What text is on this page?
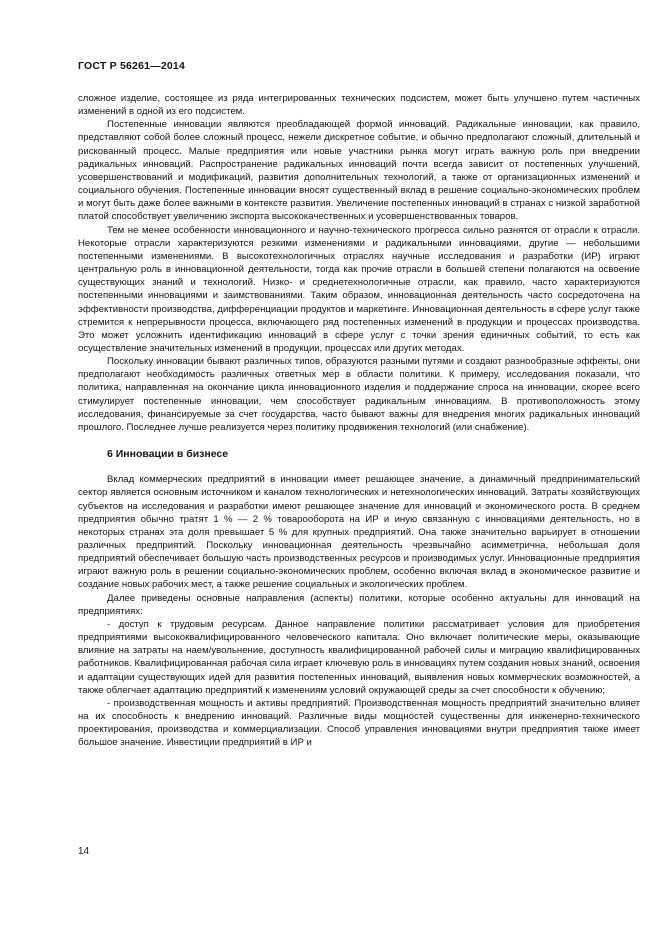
ГОСТ Р 56261—2014

сложное изделие, состоящее из ряда интегрированных технических подсистем, может быть улучшено путем частичных изменений в одной из его подсистем.

Постепенные инновации являются преобладающей формой инноваций. Радикальные инновации, как правило, представляют собой более сложный процесс, нежели дискретное событие, и обычно предполагают сложный, длительный и рискованный процесс. Малые предприятия или новые участники рынка могут играть важную роль при внедрении радикальных инноваций. Распространение радикальных инноваций почти всегда зависит от постепенных улучшений, усовершенствований и модификаций, развития дополнительных технологий, а также от организационных изменений и социального обучения. Постепенные инновации вносят существенный вклад в решение социально-экономических проблем и могут быть даже более важными в контексте развития. Увеличение постепенных инноваций в странах с низкой заработной платой способствует увеличению экспорта высококачественных и усовершенствованных товаров.

Тем не менее особенности инновационного и научно-технического прогресса сильно разнятся от отрасли к отрасли. Некоторые отрасли характеризуются резкими изменениями и радикальными инновациями, другие — небольшими постепенными изменениями. В высокотехнологичных отраслях научные исследования и разработки (ИР) играют центральную роль в инновационной деятельности, тогда как прочие отрасли в большей степени полагаются на освоение существующих знаний и технологий. Низко- и среднетехнологичные отрасли, как правило, часто характеризуются постепенными инновациями и заимствованиями. Таким образом, инновационная деятельность часто сосредоточена на эффективности производства, дифференциации продуктов и маркетинге. Инновационная деятельность в сфере услуг также стремится к непрерывности процесса, включающего ряд постепенных изменений в продукции и процессах производства. Это может усложнить идентификацию инноваций в сфере услуг с точки зрения единичных событий, то есть как осуществление значительных изменений в продукции, процессах или других методах.

Поскольку инновации бывают различных типов, образуются разными путями и создают разнообразные эффекты, они предполагают необходимость различных ответных мер в области политики. К примеру, исследования показали, что политика, направленная на окончание цикла инновационного изделия и поддержание спроса на инновации, скорее всего стимулирует постепенные инновации, чем способствует радикальным инновациям. В противоположность этому исследования, финансируемые за счет государства, часто бывают важны для внедрения многих радикальных инноваций прошлого. Последнее лучше реализуется через политику продвижения технологий (или снабжение).

6 Инновации в бизнесе

Вклад коммерческих предприятий в инновации имеет решающее значение, а динамичный предпринимательский сектор является основным источником и каналом технологических и нетехнологических инноваций. Затраты хозяйствующих субъектов на исследования и разработки имеют решающее значение для инноваций и экономического роста. В среднем предприятия обычно тратят 1 % — 2 % товарооборота на ИР и иную связанную с инновациями деятельность, но в некоторых странах эта доля превышает 5 % для крупных предприятий. Она также значительно варьирует в отношении различных предприятий. Поскольку инновационная деятельность чрезвычайно асимметрична, небольшая доля предприятий обеспечивает большую часть производственных ресурсов и производимых услуг. Инновационные предприятия играют важную роль в решении социально-экономических проблем, особенно включая вклад в экономическое развитие и создание новых рабочих мест, а также решение социальных и экологических проблем.

Далее приведены основные направления (аспекты) политики, которые особенно актуальны для инноваций на предприятиях:

- доступ к трудовым ресурсам. Данное направление политики рассматривает условия для приобретения предприятиями высококвалифицированного человеческого капитала. Оно включает политические меры, оказывающие влияние на затраты на наем/увольнение, доступность квалифицированной рабочей силы и миграцию квалифицированных работников. Квалифицированная рабочая сила играет ключевую роль в инновациях путем создания новых знаний, освоения и адаптации существующих идей для развития постепенных инноваций, выявления новых коммерческих возможностей, а также облегчает адаптацию предприятий к изменениям условий окружающей среды за счет способности к обучению;

- производственная мощность и активы предприятий. Производственная мощность предприятий значительно влияет на их способность к внедрению инноваций. Различные виды мощностей существенны для инженерно-технического проектирования, производства и коммерциализации. Способ управления инновациями внутри предприятия также имеет большое значение. Инвестиции предприятий в ИР и

14
